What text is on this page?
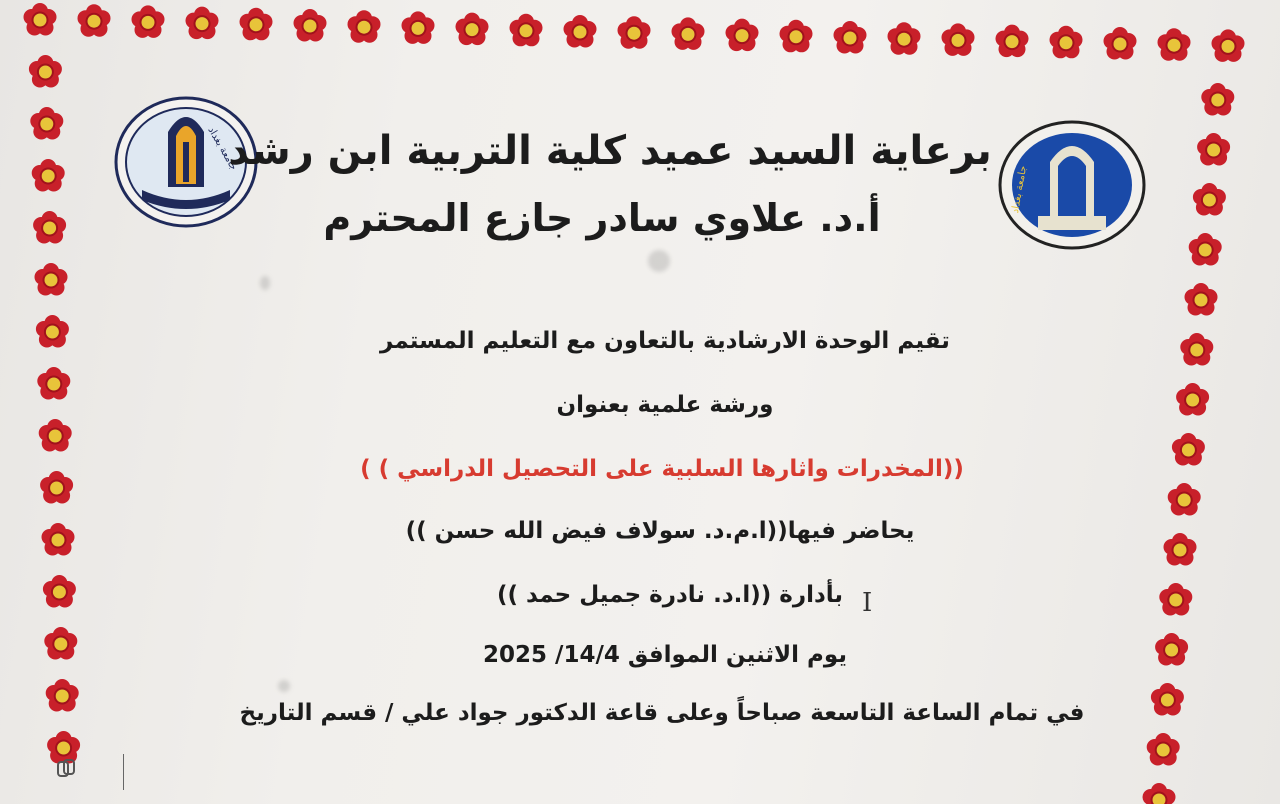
جامعة بغداد
جامعة بغداد
برعاية السيد عميد كلية التربية ابن رشد
أ.د. علاوي سادر جازع المحترم
تقيم الوحدة الارشادية بالتعاون مع التعليم المستمر
ورشة علمية بعنوان
((المخدرات واثارها السلبية على التحصيل الدراسي ) )
يحاضر فيها((ا.م.د. سولاف فيض الله حسن ))
بأدارة ((ا.د. نادرة جميل حمد ))
يوم الاثنين الموافق 14/4/ 2025
في تمام الساعة التاسعة صباحاً وعلى قاعة الدكتور جواد علي / قسم التاريخ
I
